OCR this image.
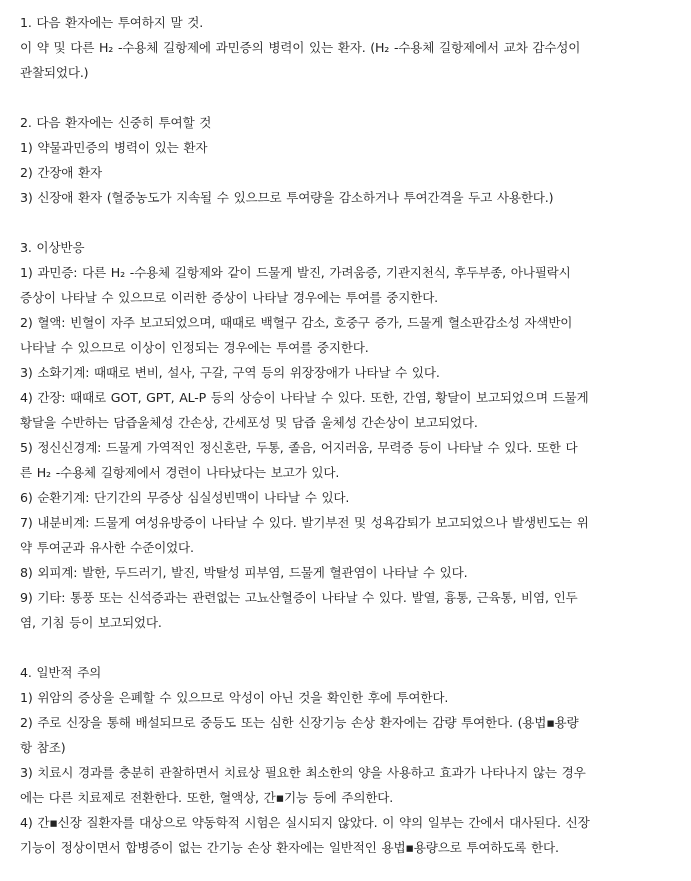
1. 다음 환자에는 투여하지 말 것.
이 약 및 다른 H₂ -수용체 길항제에 과민증의 병력이 있는 환자. (H₂ -수용체 길항제에서 교차 감수성이
관찰되었다.)
2. 다음 환자에는 신중히 투여할 것
1) 약물과민증의 병력이 있는 환자
2) 간장애 환자
3) 신장애 환자 (혈중농도가 지속될 수 있으므로 투여량을 감소하거나 투여간격을 두고 사용한다.)
3. 이상반응
1) 과민증: 다른 H₂ -수용체 길항제와 같이 드물게 발진, 가려움증, 기관지천식, 후두부종, 아나필락시
증상이 나타날 수 있으므로 이러한 증상이 나타날 경우에는 투여를 중지한다.
2) 혈액: 빈혈이 자주 보고되었으며, 때때로 백혈구 감소, 호중구 증가, 드물게 혈소판감소성 자색반이
나타날 수 있으므로 이상이 인정되는 경우에는 투여를 중지한다.
3) 소화기계: 때때로 변비, 설사, 구갈, 구역 등의 위장장애가 나타날 수 있다.
4) 간장: 때때로 GOT, GPT, AL-P 등의 상승이 나타날 수 있다. 또한, 간염, 황달이 보고되었으며 드물게
황달을 수반하는 담즙울체성 간손상, 간세포성 및 담즙 울체성 간손상이 보고되었다.
5) 정신신경계: 드물게 가역적인 정신혼란, 두통, 졸음, 어지러움, 무력증 등이 나타날 수 있다. 또한 다
른 H₂ -수용체 길항제에서 경련이 나타났다는 보고가 있다.
6) 순환기계: 단기간의 무증상 심실성빈맥이 나타날 수 있다.
7) 내분비계: 드물게 여성유방증이 나타날 수 있다. 발기부전 및 성욕감퇴가 보고되었으나 발생빈도는 위
약 투여군과 유사한 수준이었다.
8) 외피계: 발한, 두드러기, 발진, 박탈성 피부염, 드물게 혈관염이 나타날 수 있다.
9) 기타: 통풍 또는 신석증과는 관련없는 고뇨산혈증이 나타날 수 있다. 발열, 흉통, 근육통, 비염, 인두
염, 기침 등이 보고되었다.
4. 일반적 주의
1) 위암의 증상을 은폐할 수 있으므로 악성이 아닌 것을 확인한 후에 투여한다.
2) 주로 신장을 통해 배설되므로 중등도 또는 심한 신장기능 손상 환자에는 감량 투여한다. (용법▪용량
항 참조)
3) 치료시 경과를 충분히 관찰하면서 치료상 필요한 최소한의 양을 사용하고 효과가 나타나지 않는 경우
에는 다른 치료제로 전환한다. 또한, 혈액상, 간▪기능 등에 주의한다.
4) 간▪신장 질환자를 대상으로 약동학적 시험은 실시되지 않았다. 이 약의 일부는 간에서 대사된다. 신장
기능이 정상이면서 합병증이 없는 간기능 손상 환자에는 일반적인 용법▪용량으로 투여하도록 한다.
